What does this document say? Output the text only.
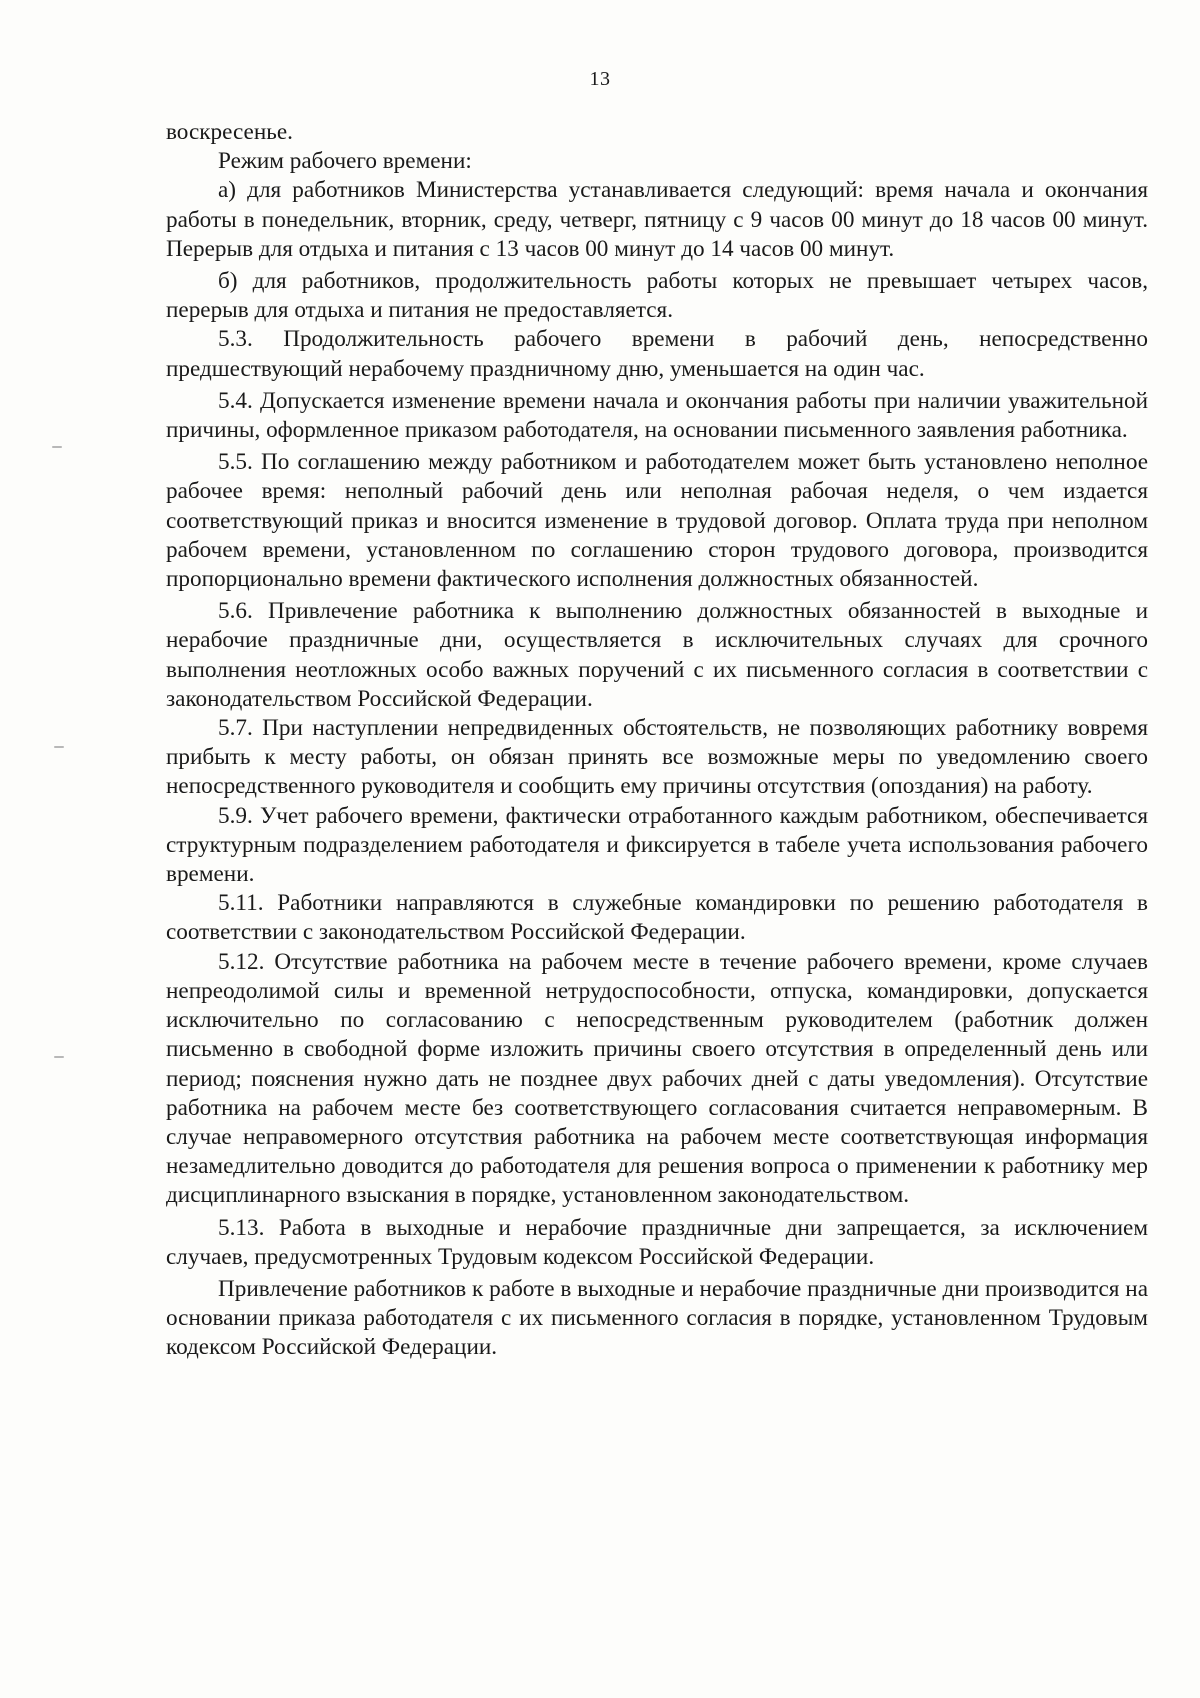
13

воскресенье.

Режим рабочего времени:

а) для работников Министерства устанавливается следующий: время начала и окончания работы в понедельник, вторник, среду, четверг, пятницу с 9 часов 00 минут до 18 часов 00 минут. Перерыв для отдыха и питания с 13 часов 00 минут до 14 часов 00 минут.

б) для работников, продолжительность работы которых не превышает четырех часов, перерыв для отдыха и питания не предоставляется.

5.3. Продолжительность рабочего времени в рабочий день, непосредственно предшествующий нерабочему праздничному дню, уменьшается на один час.

5.4. Допускается изменение времени начала и окончания работы при наличии уважительной причины, оформленное приказом работодателя, на основании письменного заявления работника.

5.5. По соглашению между работником и работодателем может быть установлено неполное рабочее время: неполный рабочий день или неполная рабочая неделя, о чем издается соответствующий приказ и вносится изменение в трудовой договор. Оплата труда при неполном рабочем времени, установленном по соглашению сторон трудового договора, производится пропорционально времени фактического исполнения должностных обязанностей.

5.6. Привлечение работника к выполнению должностных обязанностей в выходные и нерабочие праздничные дни, осуществляется в исключительных случаях для срочного выполнения неотложных особо важных поручений с их письменного согласия в соответствии с законодательством Российской Федерации.

5.7. При наступлении непредвиденных обстоятельств, не позволяющих работнику вовремя прибыть к месту работы, он обязан принять все возможные меры по уведомлению своего непосредственного руководителя и сообщить ему причины отсутствия (опоздания) на работу.

5.9. Учет рабочего времени, фактически отработанного каждым работником, обеспечивается структурным подразделением работодателя и фиксируется в табеле учета использования рабочего времени.

5.11. Работники направляются в служебные командировки по решению работодателя в соответствии с законодательством Российской Федерации.

5.12. Отсутствие работника на рабочем месте в течение рабочего времени, кроме случаев непреодолимой силы и временной нетрудоспособности, отпуска, командировки, допускается исключительно по согласованию с непосредственным руководителем (работник должен письменно в свободной форме изложить причины своего отсутствия в определенный день или период; пояснения нужно дать не позднее двух рабочих дней с даты уведомления). Отсутствие работника на рабочем месте без соответствующего согласования считается неправомерным. В случае неправомерного отсутствия работника на рабочем месте соответствующая информация незамедлительно доводится до работодателя для решения вопроса о применении к работнику мер дисциплинарного взыскания в порядке, установленном законодательством.

5.13. Работа в выходные и нерабочие праздничные дни запрещается, за исключением случаев, предусмотренных Трудовым кодексом Российской Федерации.

Привлечение работников к работе в выходные и нерабочие праздничные дни производится на основании приказа работодателя с их письменного согласия в порядке, установленном Трудовым кодексом Российской Федерации.
